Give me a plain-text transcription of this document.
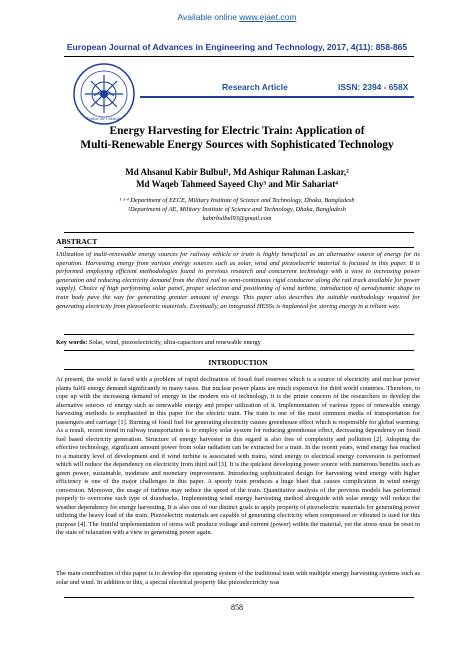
Available online www.ejaet.com
European Journal of Advances in Engineering and Technology, 2017, 4(11): 858-865
Explore the Unknown
Research Article	ISSN: 2394 - 658X
Energy Harvesting for Electric Train: Application of
Multi-Renewable Energy Sources with Sophisticated Technology
Md Ahsanul Kabir Bulbul¹, Md Ashiqur Rahman Laskar,²
Md Waqeb Tahmeed Sayeed Chy³ and Mir Sahariat⁴
¹ ³ ⁴ Department of EECE, Military Institute of Science and Technology, Dhaka, Bangladesh
²Department of AE, Military Institute of Science and Technology, Dhaka, Bangladesh
kabirbulbul93@gmail.com
ABSTRACT
Utilization of multi-renewable energy sources for railway vehicle or train is highly beneficial as an alternative source of energy for its operation. Harvesting energy from various energy sources such as solar, wind and piezoelectric material is focused in this paper. It is performed employing efficient methodologies found in previous research and concurrent technology with a view to increasing power generation and reducing electricity demand from the third rail to semi-continuous rigid conductor along the rail track available for power supply). Choice of high performing solar panel, proper selection and positioning of wind turbine, introduction of aerodynamic shape to train body pave the way for generating greater amount of energy. This paper also describes the suitable methodology required for generating electricity from piezoelectric materials. Eventually, an integrated HESSs is implanted for storing energy in a reliant way.
Key words: Solar, wind, piezoelectricity, ultra-capacitors and renewable energy
INTRODUCTION
At present, the world is faced with a problem of rapid declination of fossil fuel reserves which is a source of electricity and nuclear power plants fulfil energy demand significantly in many cases. But nuclear power plants are much expensive for third world countries. Therefore, to cope up with the increasing demand of energy in the modern era of technology, it is the prime concern of the researchers to develop the alternative sources of energy such as renewable energy and proper utilization of it. Implementation of various types of renewable energy harvesting methods is emphasized in this paper for the electric train. The train is one of the most common media of transportation for passengers and carriage [1]. Burning of fossil fuel for generating electricity causes greenhouse effect which is responsible for global warming. As a result, recent trend in railway transportation is to employ solar system for reducing greenhouse effect, decreasing dependency on fossil fuel based electricity generation. Structure of energy harvester in this regard is also free of complexity and pollution [2]. Adopting the effective technology, significant amount power from solar radiation can be extracted for a train. In the recent years, wind energy has reached to a maturity level of development and if wind turbine is associated with trains, wind energy to electrical energy conversion is performed which will reduce the dependency on electricity from third rail [3]. It is the quickest developing power source with numerous benefits such as green power, sustainable, moderate and monetary improvement. Introducing sophisticated design for harvesting wind energy with higher efficiency is one of the major challenges in this paper. A speedy train produces a huge blast that causes complication in wind energy conversion. Moreover, the usage of turbine may reduce the speed of the train. Quantitative analysis of the previous models has performed properly to overcome such type of drawbacks. Implementing wind energy harvesting method alongside with solar energy will reduce the weather dependency for energy harvesting. It is also one of our distinct goals to apply property of piezoelectric materials for generating power utilizing the heavy load of the train. Piezoelectric materials are capable of generating electricity when compressed or vibrated is used for this purpose [4]. The fruitful implementation of stress will produce voltage and current (power) within the material, yet the stress must be reset in the state of relaxation with a view to generating power again.
The main contribution of this paper is to develop the operating system of the traditional train with multiple energy harvesting systems such as solar and wind. In addition to this, a special electrical property like piezoelectricity was
858
